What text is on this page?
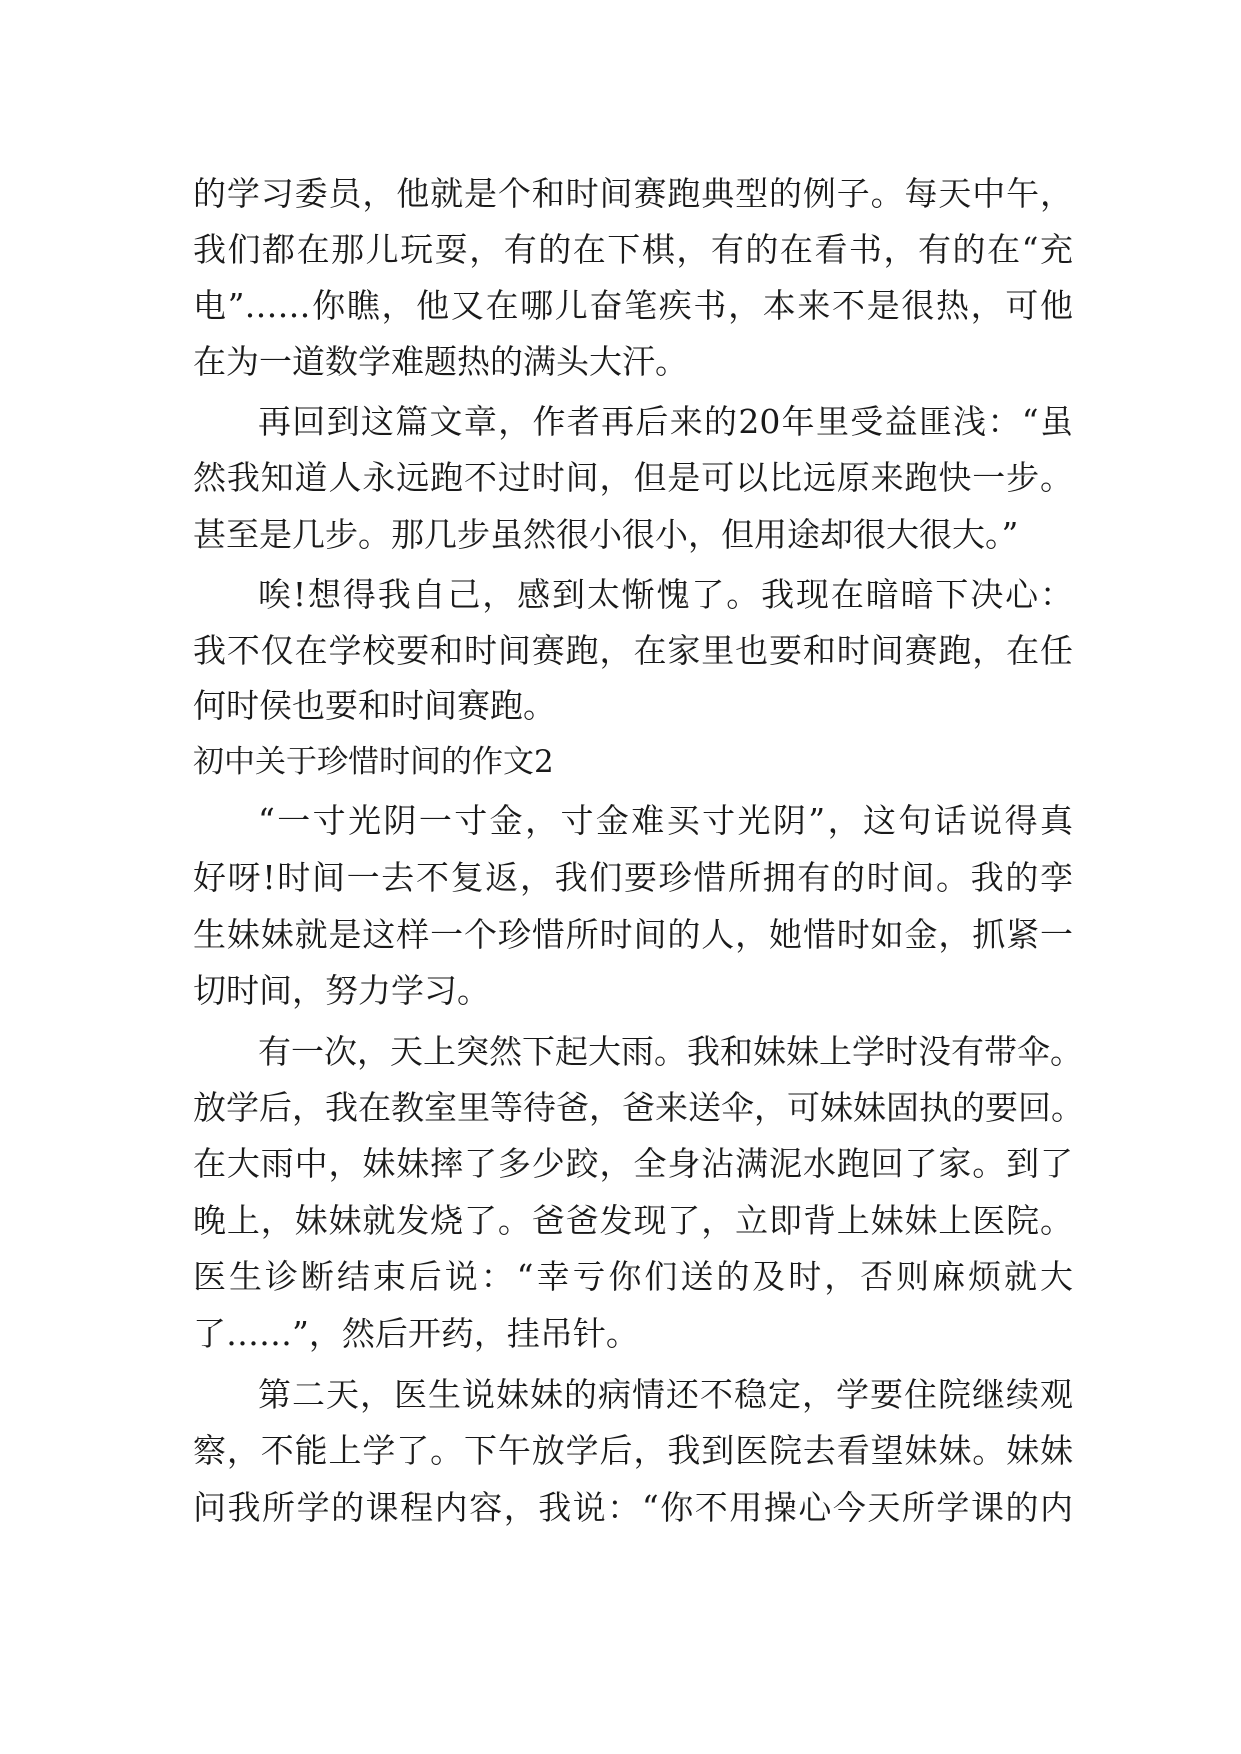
的学习委员，他就是个和时间赛跑典型的例子。每天中午，
我们都在那儿玩耍，有的在下棋，有的在看书，有的在“充
电”……你瞧，他又在哪儿奋笔疾书，本来不是很热，可他
在为一道数学难题热的满头大汗。
再回到这篇文章，作者再后来的20年里受益匪浅：“虽
然我知道人永远跑不过时间，但是可以比远原来跑快一步。
甚至是几步。那几步虽然很小很小，但用途却很大很大。”
唉!想得我自己，感到太惭愧了。我现在暗暗下决心：
我不仅在学校要和时间赛跑，在家里也要和时间赛跑，在任
何时侯也要和时间赛跑。
初中关于珍惜时间的作文2
“一寸光阴一寸金，寸金难买寸光阴”，这句话说得真
好呀!时间一去不复返，我们要珍惜所拥有的时间。我的孪
生妹妹就是这样一个珍惜所时间的人，她惜时如金，抓紧一
切时间，努力学习。
有一次，天上突然下起大雨。我和妹妹上学时没有带伞。
放学后，我在教室里等待爸，爸来送伞，可妹妹固执的要回。
在大雨中，妹妹摔了多少跤，全身沾满泥水跑回了家。到了
晚上，妹妹就发烧了。爸爸发现了，立即背上妹妹上医院。
医生诊断结束后说：“幸亏你们送的及时，否则麻烦就大
了……”，然后开药，挂吊针。
第二天，医生说妹妹的病情还不稳定，学要住院继续观
察，不能上学了。下午放学后，我到医院去看望妹妹。妹妹
问我所学的课程内容，我说：“你不用操心今天所学课的内
